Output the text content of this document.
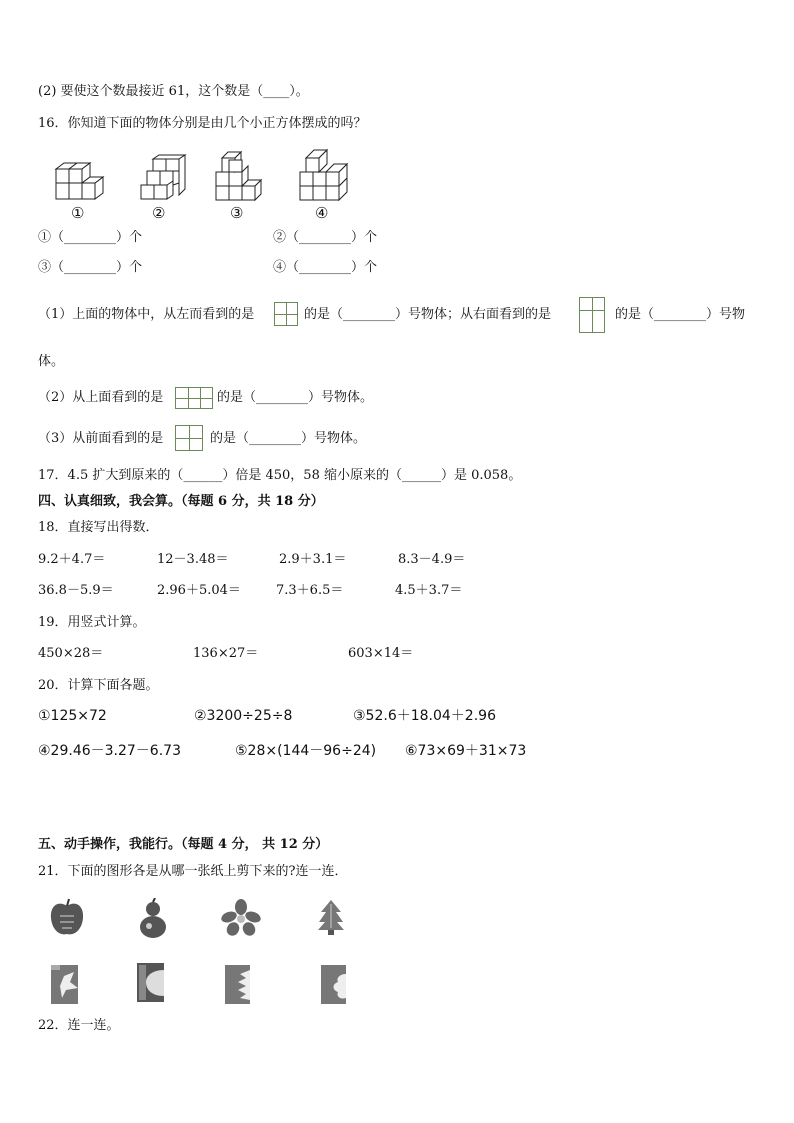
(2) 要使这个数最接近 61，这个数是（____）。
16．你知道下面的物体分别是由几个小正方体摆成的吗？
①	②	③	④
①（________）个	②（________）个
③（________）个	④（________）个
（1）上面的物体中，从左而看到的是	的是（________）号物体；从右面看到的是	的是（________）号物
体。
（2）从上面看到的是	的是（________）号物体。
（3）从前面看到的是	的是（________）号物体。
17．4.5 扩大到原来的（______）倍是 450，58 缩小原来的（______）是 0.058。
四、认真细致，我会算。（每题 6 分，共 18 分）
18．直接写出得数．
9.2＋4.7＝	12－3.48＝	2.9＋3.1＝	8.3－4.9＝
36.8－5.9＝	2.96＋5.04＝	7.3＋6.5＝	4.5＋3.7＝
19．用竖式计算。
450×28＝	136×27＝	603×14＝
20．计算下面各题。
①125×72	②3200÷25÷8	③52.6＋18.04＋2.96
④29.46－3.27－6.73	⑤28×(144－96÷24) ⑥73×69＋31×73
五、动手操作，我能行。（每题 4 分， 共 12 分）
21．下面的图形各是从哪一张纸上剪下来的?连一连．
22．连一连。
